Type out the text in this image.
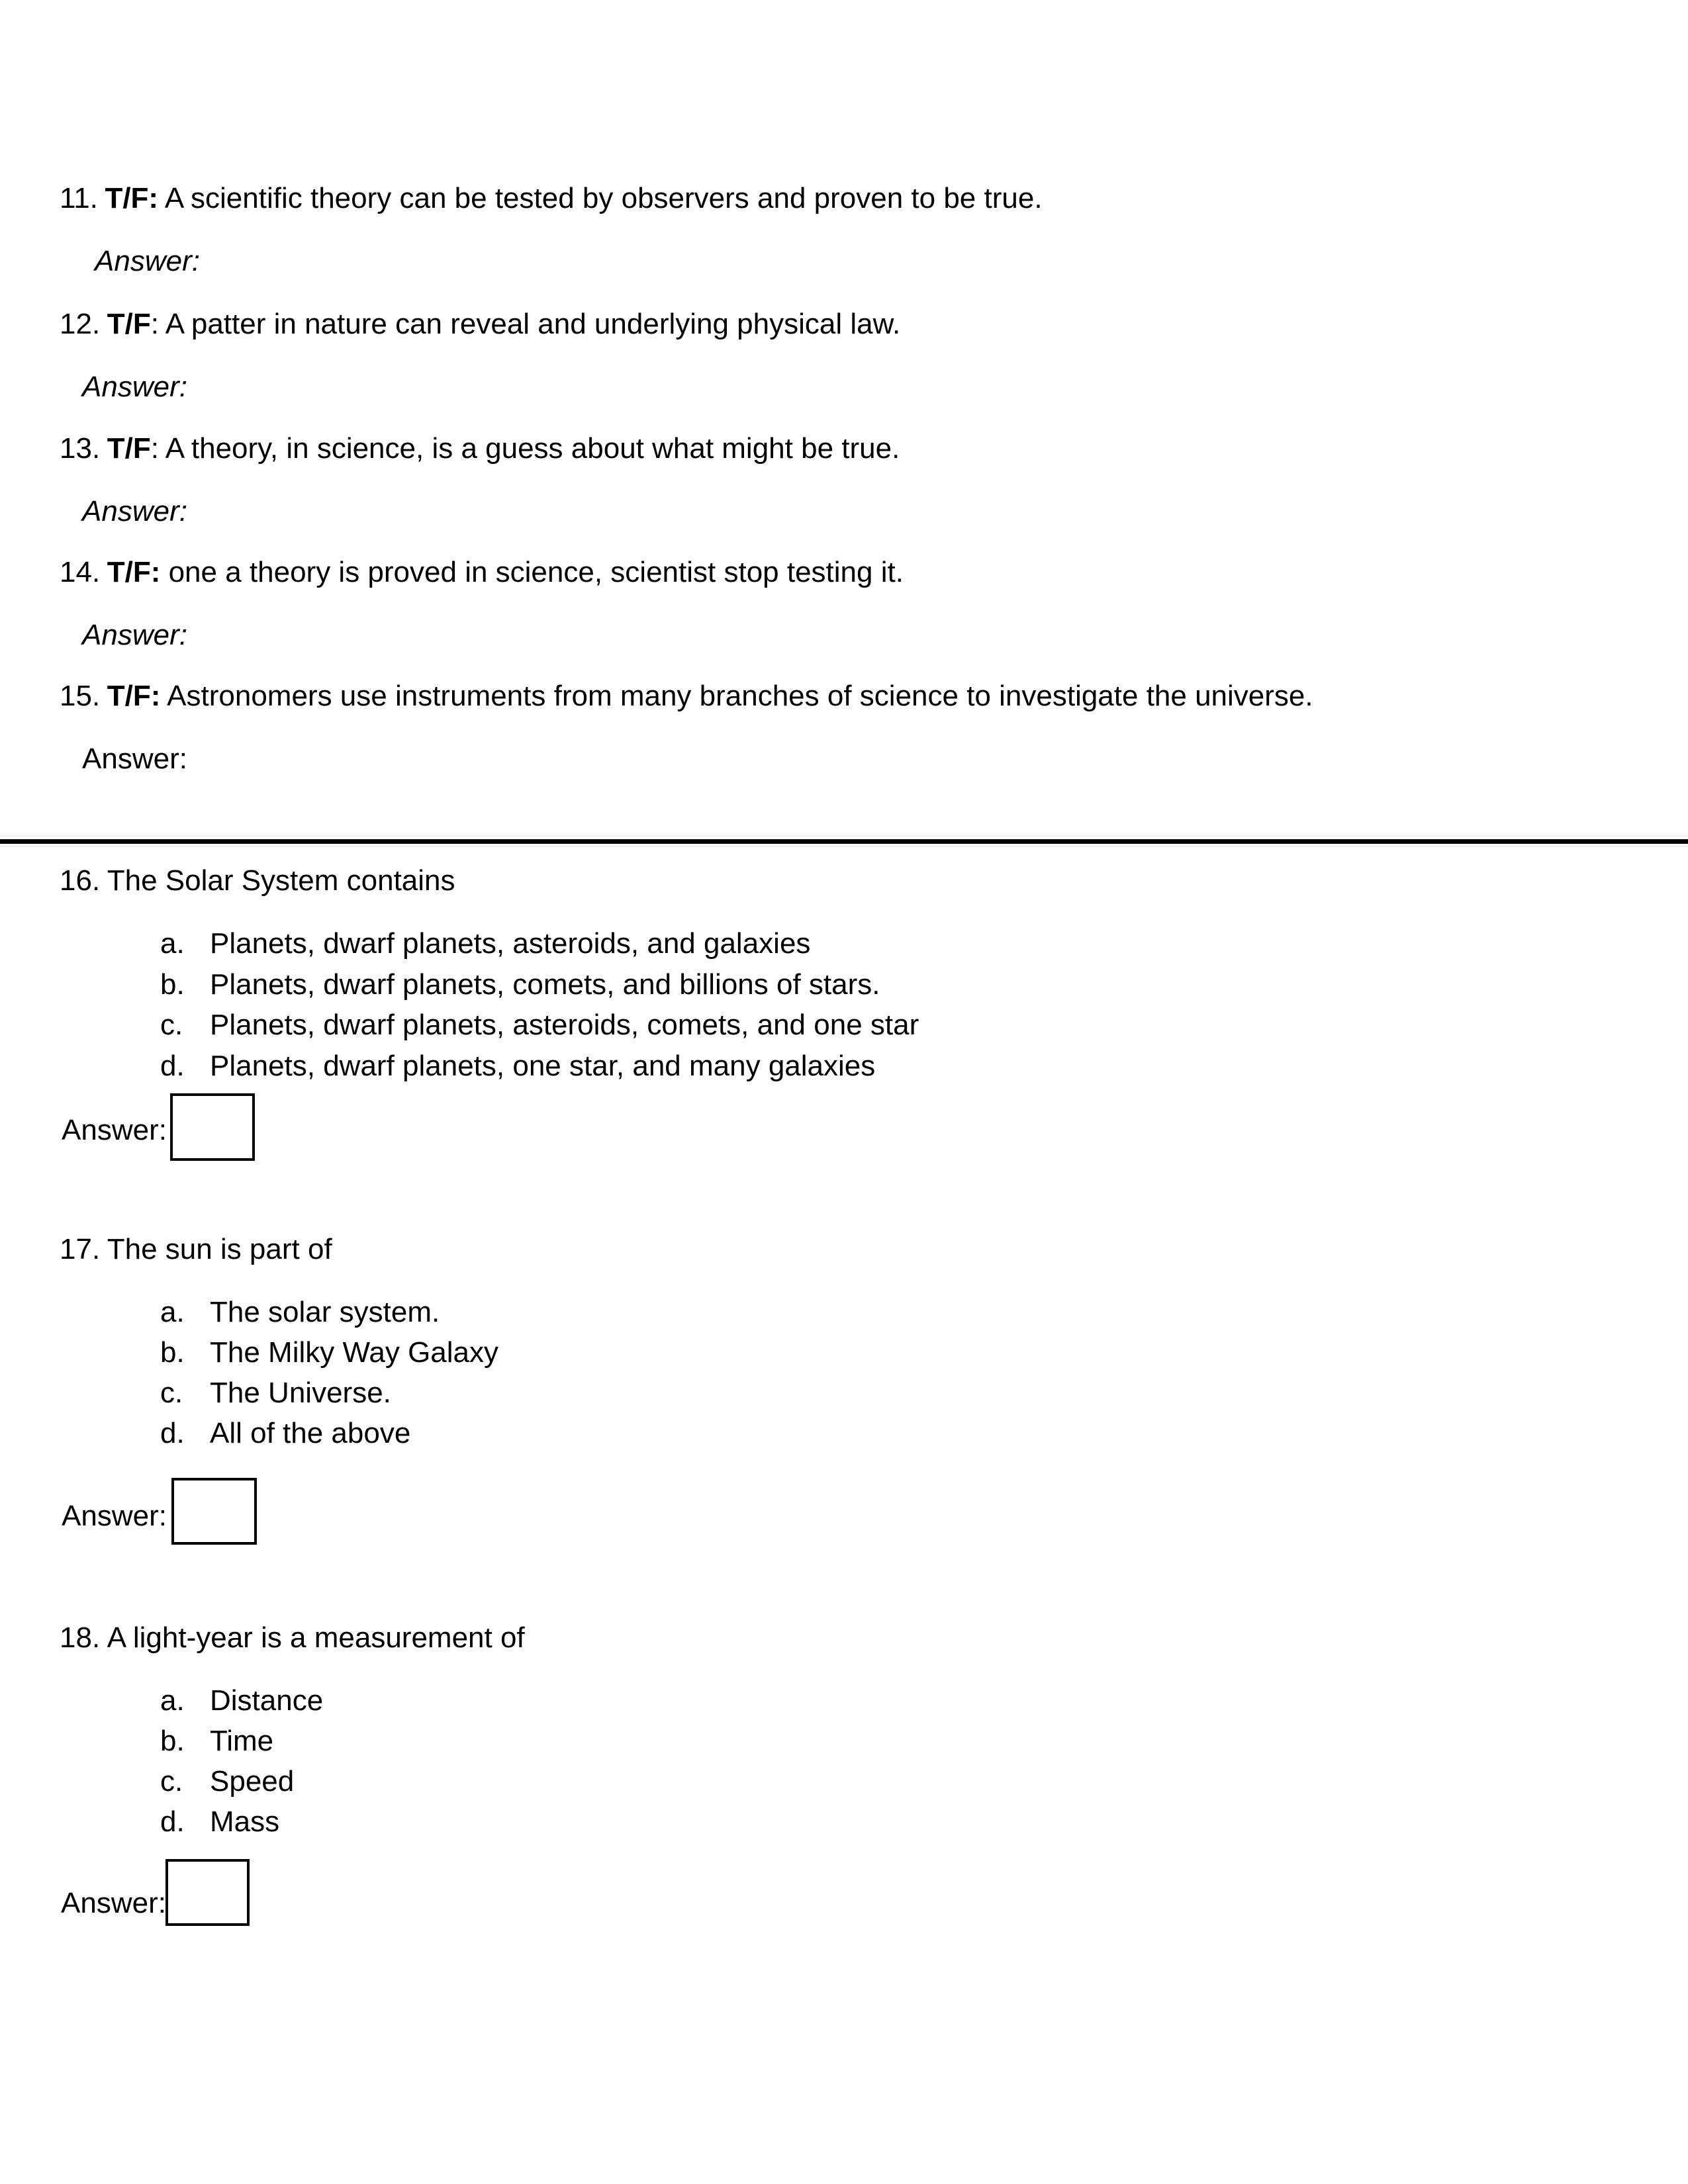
11. T/F: A scientific theory can be tested by observers and proven to be true.
Answer:
12. T/F: A patter in nature can reveal and underlying physical law.
Answer:
13. T/F: A theory, in science, is a guess about what might be true.
Answer:
14. T/F: one a theory is proved in science, scientist stop testing it.
Answer:
15. T/F: Astronomers use instruments from many branches of science to investigate the universe.
Answer:
16. The Solar System contains
a. Planets, dwarf planets, asteroids, and galaxies
b. Planets, dwarf planets, comets, and billions of stars.
c. Planets, dwarf planets, asteroids, comets, and one star
d. Planets, dwarf planets, one star, and many galaxies
Answer:
17. The sun is part of
a. The solar system.
b. The Milky Way Galaxy
c. The Universe.
d. All of the above
Answer:
18. A light-year is a measurement of
a. Distance
b. Time
c. Speed
d. Mass
Answer:
